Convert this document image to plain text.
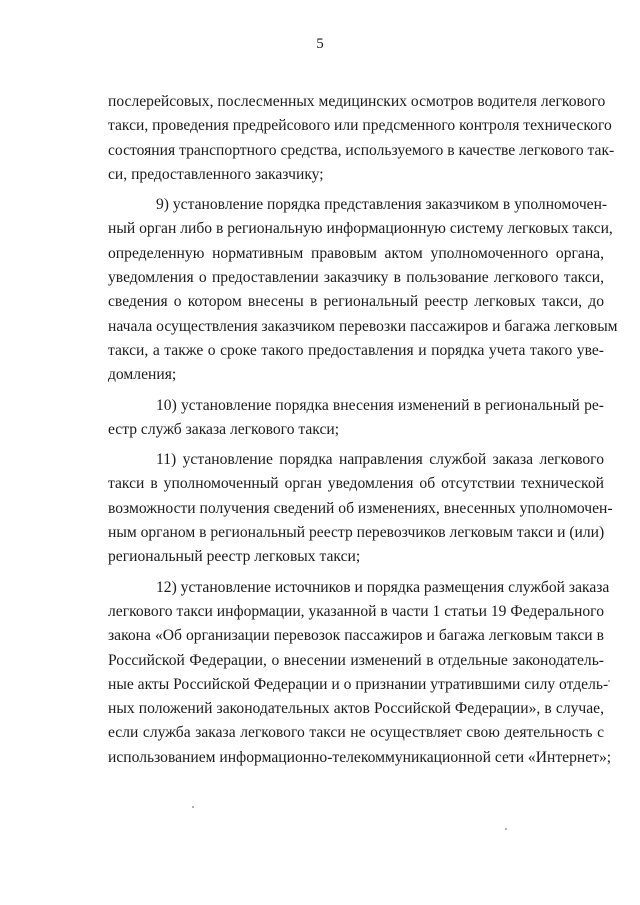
5
послерейсовых, послесменных медицинских осмотров водителя легкового
такси, проведения предрейсового или предсменного контроля технического
состояния транспортного средства, используемого в качестве легкового так-
си, предоставленного заказчику;
9) установление порядка представления заказчиком в уполномочен-
ный орган либо в региональную информационную систему легковых такси,
определенную нормативным правовым актом уполномоченного органа,
уведомления о предоставлении заказчику в пользование легкового такси,
сведения о котором внесены в региональный реестр легковых такси, до
начала осуществления заказчиком перевозки пассажиров и багажа легковым
такси, а также о сроке такого предоставления и порядка учета такого уве-
домления;
10) установление порядка внесения изменений в региональный ре-
естр служб заказа легкового такси;
11) установление порядка направления службой заказа легкового
такси в уполномоченный орган уведомления об отсутствии технической
возможности получения сведений об изменениях, внесенных уполномочен-
ным органом в региональный реестр перевозчиков легковым такси и (или)
региональный реестр легковых такси;
12) установление источников и порядка размещения службой заказа
легкового такси информации, указанной в части 1 статьи 19 Федерального
закона «Об организации перевозок пассажиров и багажа легковым такси в
Российской Федерации, о внесении изменений в отдельные законодатель-
ные акты Российской Федерации и о признании утратившими силу отдель-
ных положений законодательных актов Российской Федерации», в случае,
если служба заказа легкового такси не осуществляет свою деятельность с
использованием информационно-телекоммуникационной сети «Интернет»;
